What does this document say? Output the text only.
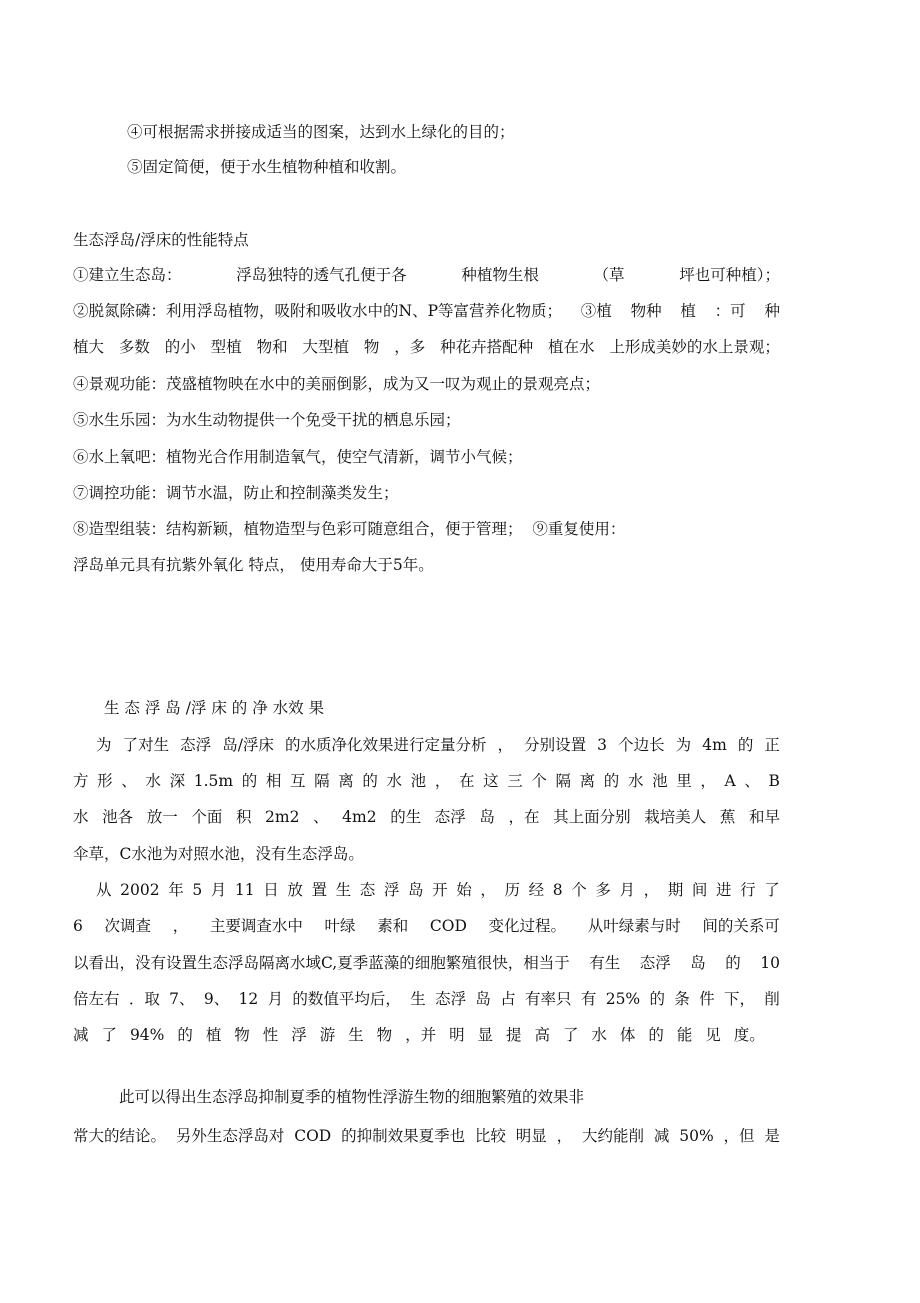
④可根据需求拼接成适当的图案，达到水上绿化的目的；

⑤固定简便，便于水生植物种植和收割。

生态浮岛/浮床的性能特点

①建立生态岛：	浮岛独特的透气孔便于各	种植物生根	（草	坪也可种植）；
②脱氮除磷：利用浮岛植物，吸附和吸收水中的N、P等富营养化物质； ③植 物种 植 ：可 种
植大 多数 的小 型植 物和 大型植 物 ，多 种花卉搭配种 植在水 上形成美妙的水上景观；

④景观功能：茂盛植物映在水中的美丽倒影，成为又一叹为观止的景观亮点；

⑤水生乐园：为水生动物提供一个免受干扰的栖息乐园；

⑥水上氧吧：植物光合作用制造氧气，使空气清新，调节小气候；

⑦调控功能：调节水温，防止和控制藻类发生；

⑧造型组装：结构新颖，植物造型与色彩可随意组合，便于管理；  ⑨重复使用：

浮岛单元具有抗紫外氧化 特点， 使用寿命大于5年。

生 态 浮 岛 /浮 床 的 净 水效 果

为 了对生 态浮 岛/浮床 的水质净化效果进行定量分析 ， 分别设置 3 个边长 为 4m 的 正
方 形 、 水 深 1.5m 的 相 互 隔 离 的 水 池 ， 在 这 三 个 隔 离 的 水 池 里 ， A 、 B
水 池各 放一 个面 积 2m2 、 4m2 的生 态浮 岛 ，在 其上面分别 栽培美人 蕉 和早

伞草，C水池为对照水池，没有生态浮岛。

从 2002 年 5 月 11 日 放 置 生 态 浮 岛 开 始 ， 历 经 8 个 多 月 ， 期 间 进 行 了
6 次调查 ， 主要调查水中 叶绿 素和 COD 变化过程。 从叶绿素与时 间的关系可
以看出，没有设置生态浮岛隔离水域C,夏季蓝藻的细胞繁殖很快，相当于 有生 态浮 岛 的 10
倍左右 ．取 7、 9、 12 月 的数值平均后， 生 态浮 岛 占 有率只 有 25% 的 条 件 下， 削
减 了 94% 的 植 物 性 浮 游 生 物 ，并 明 显 提 高 了 水 体 的 能 见 度。

此可以得出生态浮岛抑制夏季的植物性浮游生物的细胞繁殖的效果非

常大的结论。 另外生态浮岛对 COD 的抑制效果夏季也 比较 明显 ， 大约能削 减 50% ，但 是
